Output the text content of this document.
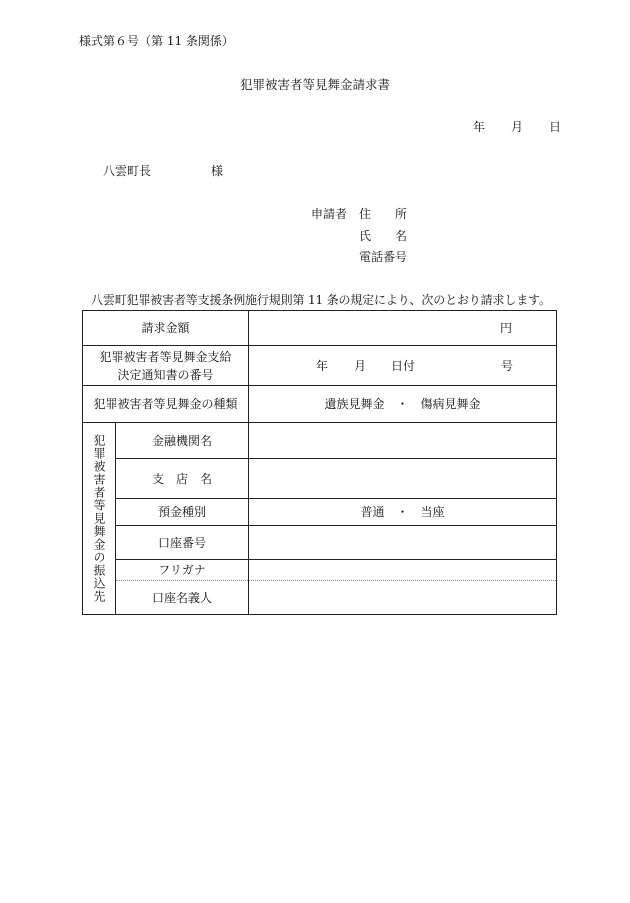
様式第６号（第 11 条関係）
犯罪被害者等見舞金請求書
年 月 日
八雲町長	様
申請者 住　　所
氏　　名
電話番号
八雲町犯罪被害者等支援条例施行規則第 11 条の規定により、次のとおり請求します。
請求金額		円

犯罪被害者等見舞金支給
決定通知書の番号		年 月 日付 号
犯罪被害者等見舞金の種類		遺族見舞金　・　傷病見舞金

犯罪被害者等見舞金の振込先	金融機関名	
	支　店　名	
	預金種別	普通　・　当座
	口座番号	
	フリガナ	
	口座名義人	
